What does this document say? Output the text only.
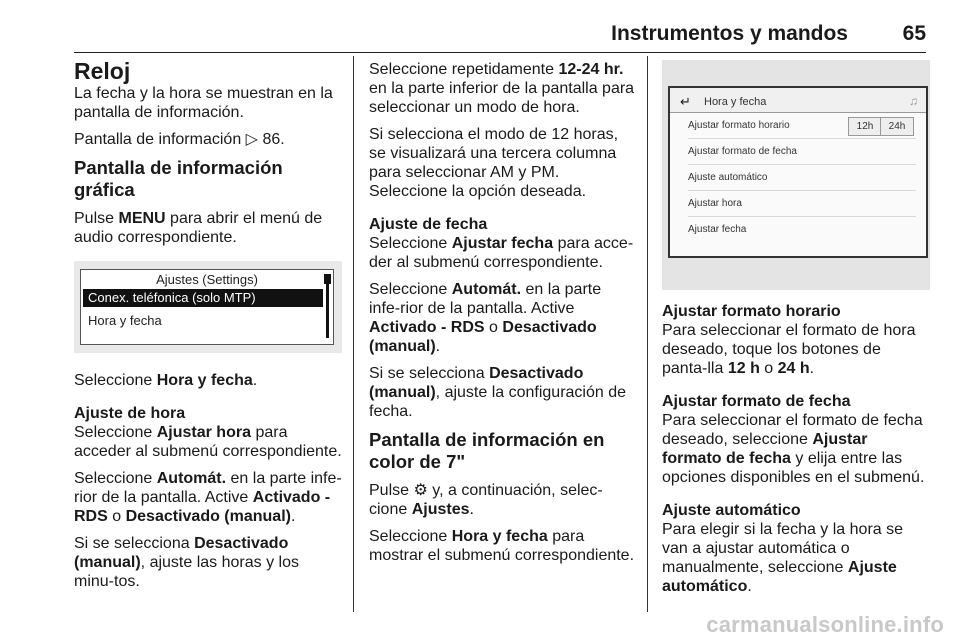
Instrumentos y mandos	65
Reloj

La fecha y la hora se muestran en la pantalla de información.

Pantalla de información ▷ 86.

Pantalla de información gráfica

Pulse MENU para abrir el menú de audio correspondiente.

Ajustes (Settings)
Conex. teléfonica (solo MTP)
Hora y fecha

Seleccione Hora y fecha.

Ajuste de hora

Seleccione Ajustar hora para acceder al submenú correspondiente.

Seleccione Automát. en la parte infe-rior de la pantalla. Active Activado - RDS o Desactivado (manual).

Si se selecciona Desactivado (manual), ajuste las horas y los minu-tos.

Seleccione repetidamente 12-24 hr. en la parte inferior de la pantalla para seleccionar un modo de hora.

Si selecciona el modo de 12 horas, se visualizará una tercera columna para seleccionar AM y PM. Seleccione la opción deseada.

Ajuste de fecha

Seleccione Ajustar fecha para acce-der al submenú correspondiente.

Seleccione Automát. en la parte infe-rior de la pantalla. Active Activado - RDS o Desactivado (manual).

Si se selecciona Desactivado (manual), ajuste la configuración de fecha.

Pantalla de información en color de 7"

Pulse ⚙ y, a continuación, selec-cione Ajustes.

Seleccione Hora y fecha para mostrar el submenú correspondiente.

↵ Hora y fecha	♫
Ajustar formato horario	12h	24h
Ajustar formato de fecha
Ajuste automático
Ajustar hora
Ajustar fecha
Ajustar formato horario

Para seleccionar el formato de hora deseado, toque los botones de panta-lla 12 h o 24 h.

Ajustar formato de fecha

Para seleccionar el formato de fecha deseado, seleccione Ajustar formato de fecha y elija entre las opciones disponibles en el submenú.

Ajuste automático

Para elegir si la fecha y la hora se van a ajustar automática o manualmente, seleccione Ajuste automático.

carmanualsonline.info
